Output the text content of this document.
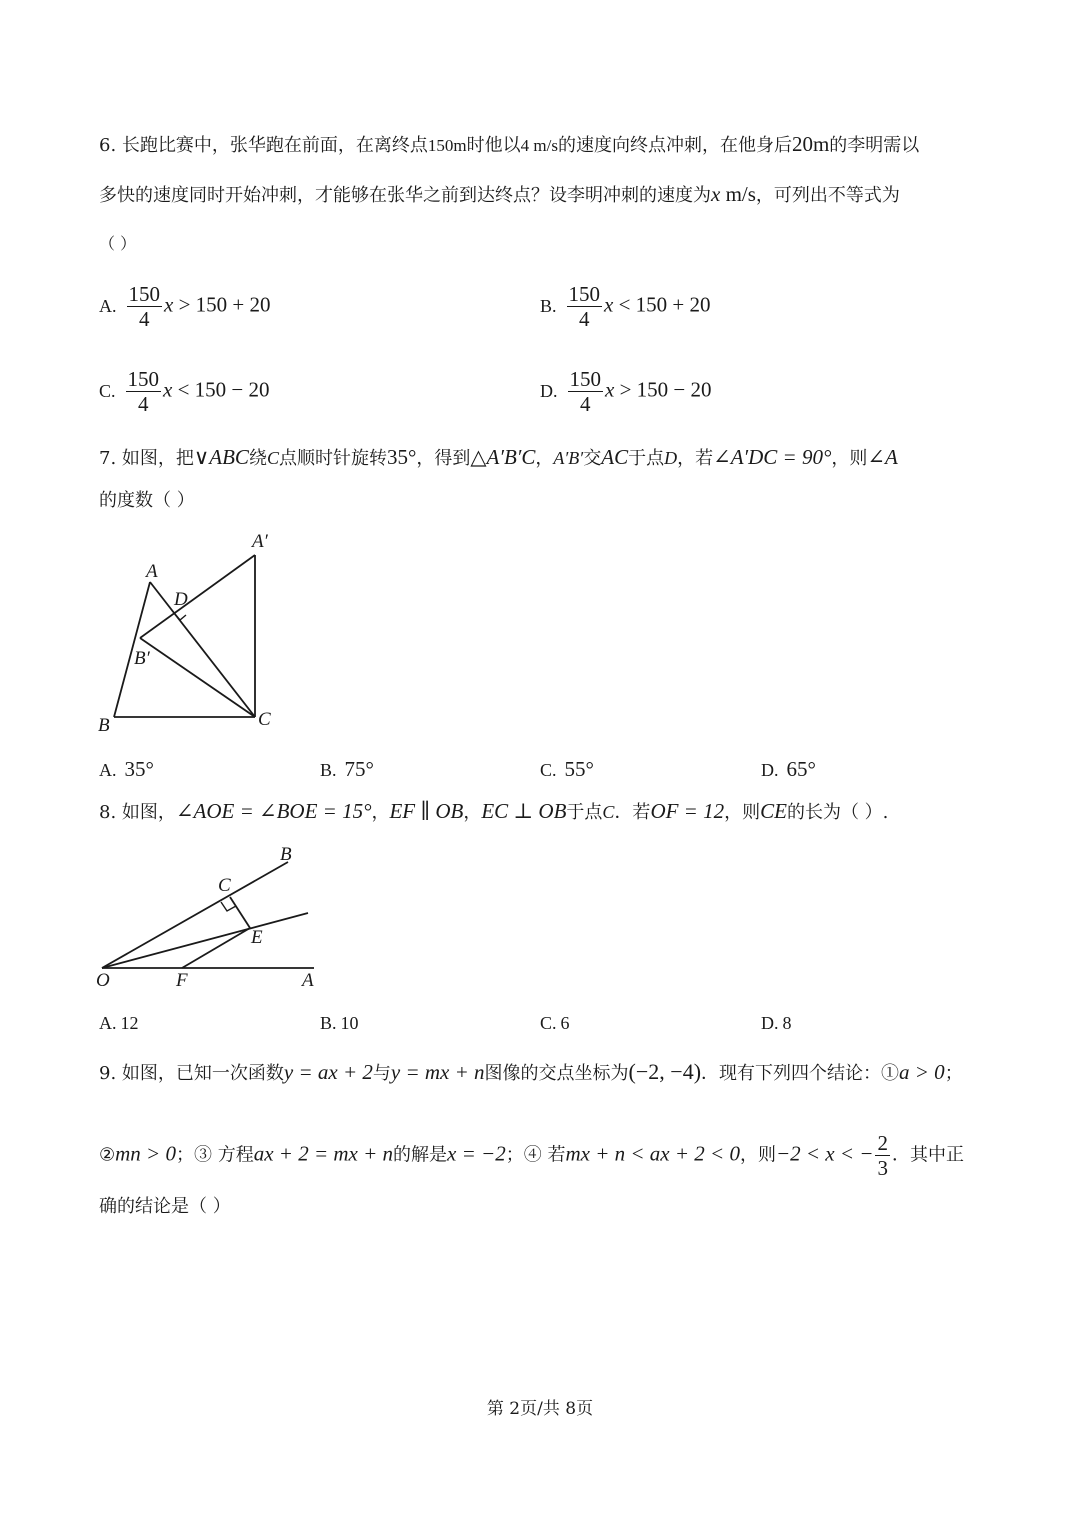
6. 长跑比赛中，张华跑在前面，在离终点150m时他以4 m/s的速度向终点冲刺，在他身后20m的李明需以
多快的速度同时开始冲刺，才能够在张华之前到达终点？设李明冲刺的速度为x m/s，可列出不等式为
（ ）
A. $\frac{150}{4}$ x > 150 + 20	B. $\frac{150}{4}$ x < 150 + 20
C. $\frac{150}{4}$ x < 150 − 20	D. $\frac{150}{4}$ x > 150 − 20
7. 如图，把∨ABC绕C点顺时针旋转35°，得到△A′B′C，A′B′交AC于点D，若∠A′DC = 90°，则∠A
的度数（ ）
A
A′
D
B′
B	C
A. 35°	B. 75°	C. 55°	D. 65°
8. 如图，∠AOE = ∠BOE = 15°，EF ∥ OB，EC ⊥ OB于点C．若OF = 12，则CE的长为（ ）.
B
C
E
O	F	A
A. 12	B. 10	C. 6	D. 8
9. 如图，已知一次函数y = ax + 2与y = mx + n图像的交点坐标为(−2, −4)．现有下列四个结论：①a > 0；
②mn > 0；③ 方程ax + 2 = mx + n的解是x = −2；④ 若mx + n < ax + 2 < 0，则−2 < x < − $\frac{2}{3}$ ．其中正
确的结论是（ ）
第 2页/共 8页
